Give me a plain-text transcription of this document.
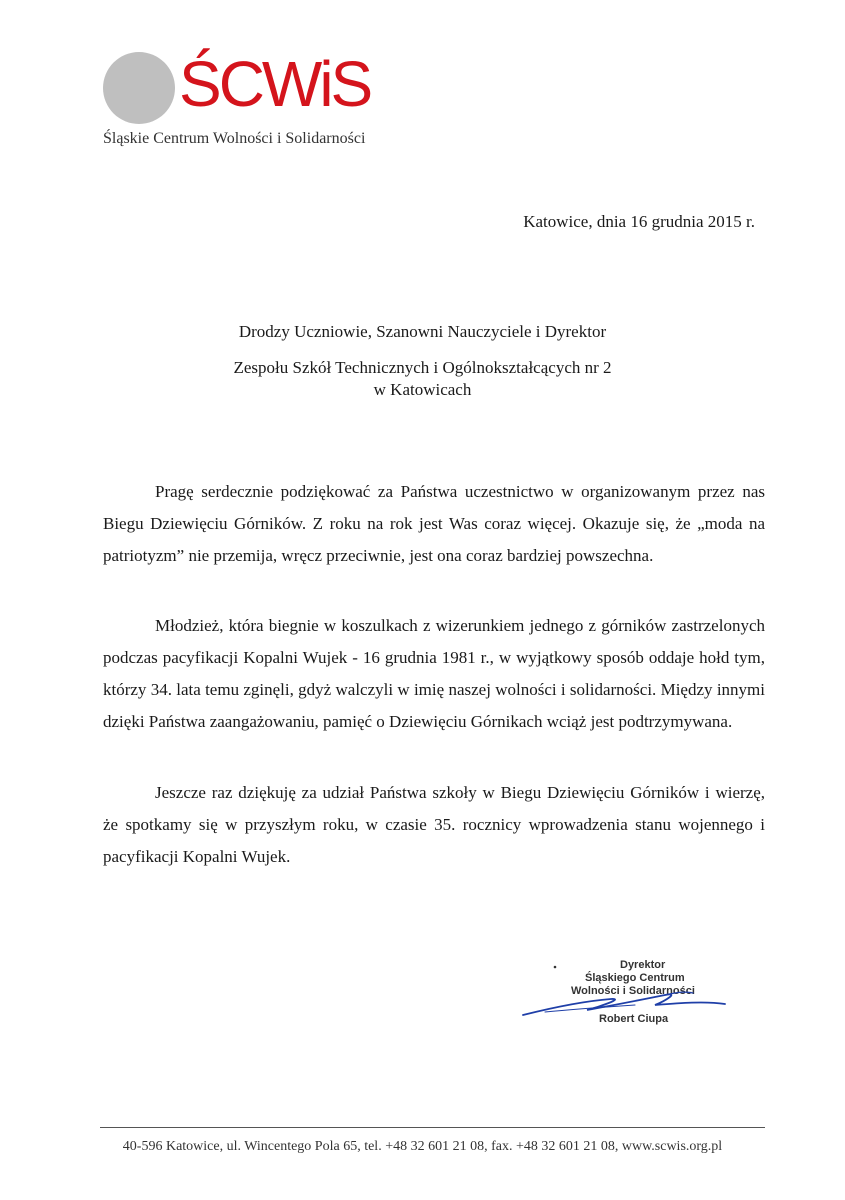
ŚCWiS
Śląskie Centrum Wolności i Solidarności
Katowice, dnia 16 grudnia 2015 r.
Drodzy Uczniowie, Szanowni Nauczyciele i Dyrektor
Zespołu Szkół Technicznych i Ogólnokształcących nr 2
w Katowicach

Pragę serdecznie podziękować za Państwa uczestnictwo w organizowanym przez nas Biegu Dziewięciu Górników. Z roku na rok jest Was coraz więcej. Okazuje się, że „moda na patriotyzm” nie przemija, wręcz przeciwnie, jest ona coraz bardziej powszechna.

Młodzież, która biegnie w koszulkach z wizerunkiem jednego z górników zastrzelonych podczas pacyfikacji Kopalni Wujek - 16 grudnia 1981 r., w wyjątkowy sposób oddaje hołd tym, którzy 34. lata temu zginęli, gdyż walczyli w imię naszej wolności i solidarności. Między innymi dzięki Państwa zaangażowaniu, pamięć o Dziewięciu Górnikach wciąż jest podtrzymywana.

Jeszcze raz dziękuję za udział Państwa szkoły w Biegu Dziewięciu Górników i wierzę, że spotkamy się w przyszłym roku, w czasie 35. rocznicy wprowadzenia stanu wojennego i pacyfikacji Kopalni Wujek.

Dyrektor
Śląskiego Centrum
Wolności i Solidarności
Robert Ciupa
40-596 Katowice, ul. Wincentego Pola 65, tel. +48 32 601 21 08, fax. +48 32 601 21 08, www.scwis.org.pl
